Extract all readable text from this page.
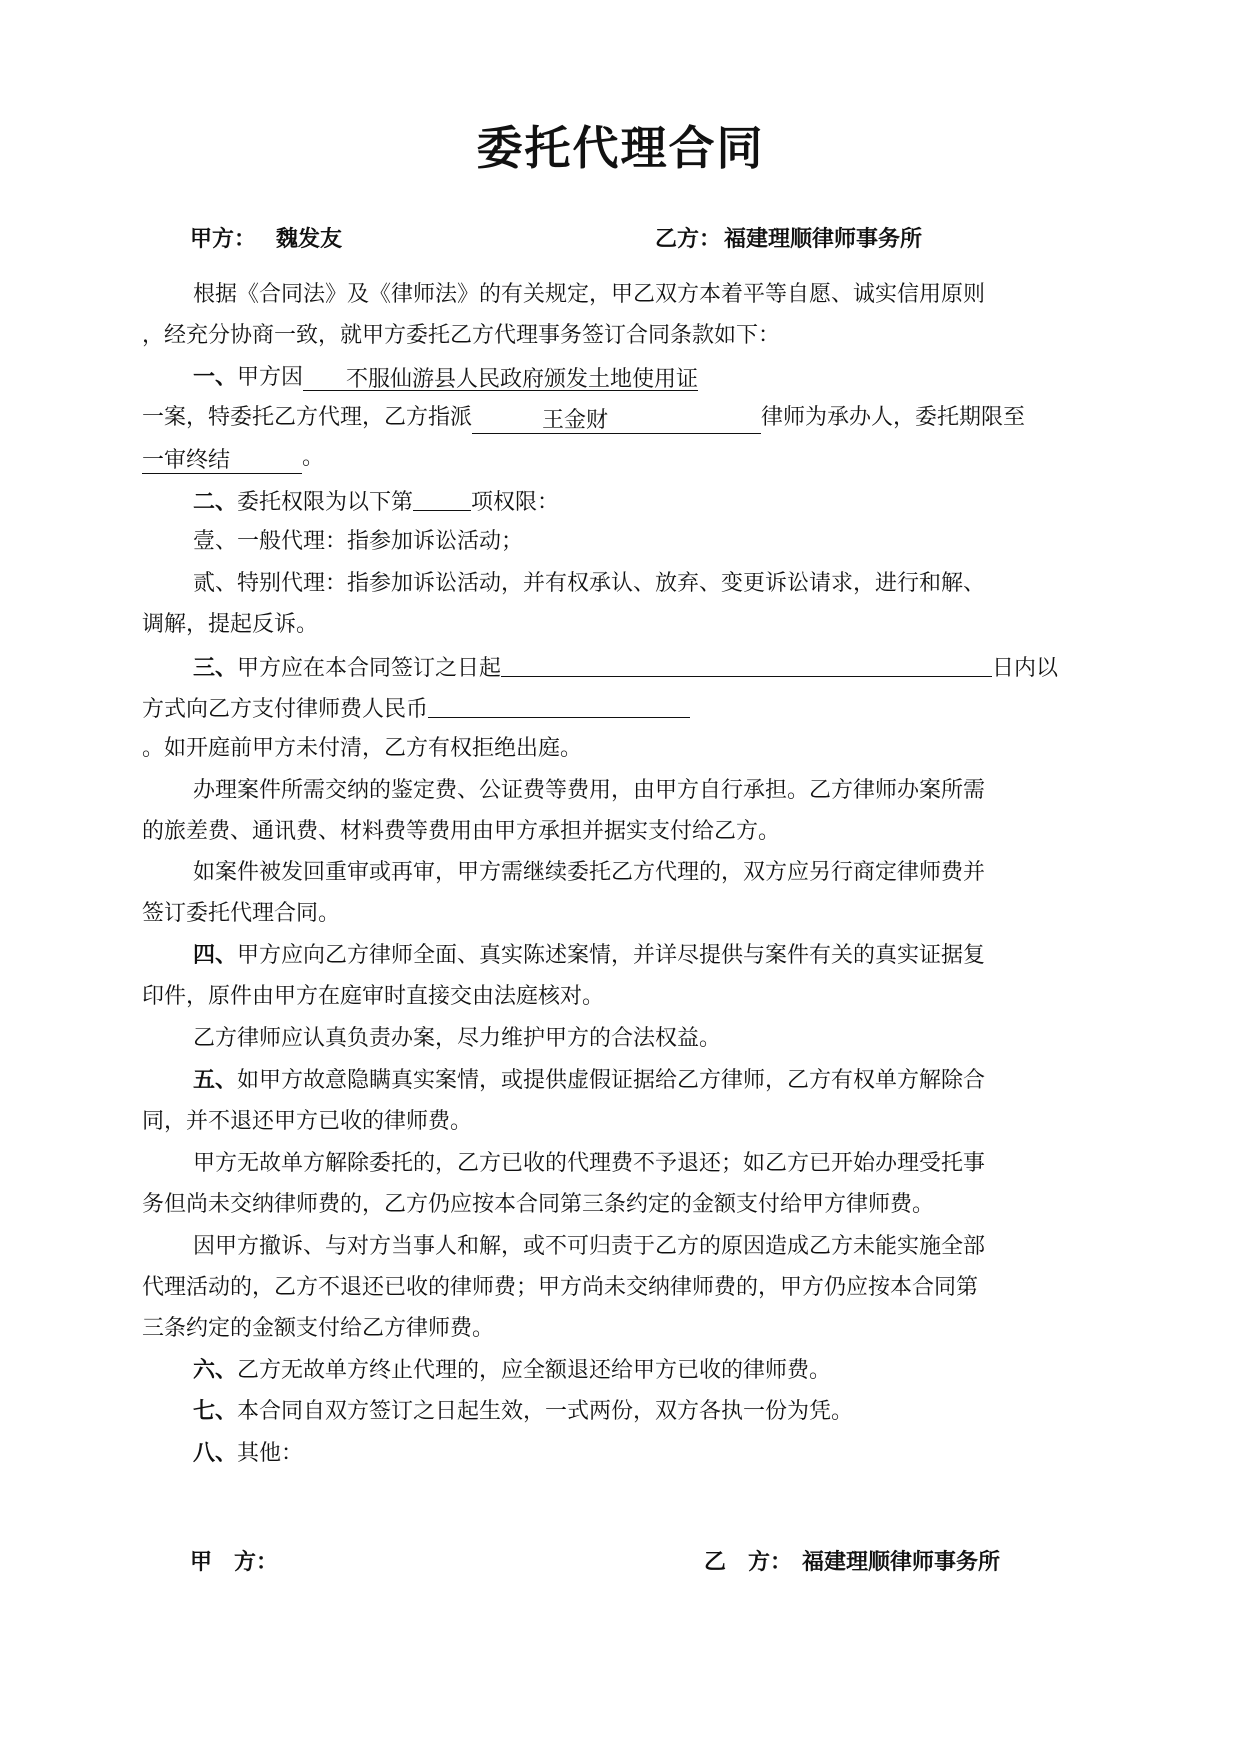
委托代理合同
甲方： 魏发友	乙方： 福建理顺律师事务所
根据《合同法》及《律师法》的有关规定，甲乙双方本着平等自愿、诚实信用原则
，经充分协商一致，就甲方委托乙方代理事务签订合同条款如下：
一、甲方因 不服仙游县人民政府颁发土地使用证
一案，特委托乙方代理，乙方指派	王金财	律师为承办人，委托期限至
一审终结	。
二、委托权限为以下第	项权限：
壹、一般代理：指参加诉讼活动；
贰、特别代理：指参加诉讼活动，并有权承认、放弃、变更诉讼请求，进行和解、
调解，提起反诉。
三、甲方应在本合同签订之日起	日内以
方式向乙方支付律师费人民币
。如开庭前甲方未付清，乙方有权拒绝出庭。
办理案件所需交纳的鉴定费、公证费等费用，由甲方自行承担。乙方律师办案所需
的旅差费、通讯费、材料费等费用由甲方承担并据实支付给乙方。
如案件被发回重审或再审，甲方需继续委托乙方代理的，双方应另行商定律师费并
签订委托代理合同。
四、甲方应向乙方律师全面、真实陈述案情，并详尽提供与案件有关的真实证据复
印件，原件由甲方在庭审时直接交由法庭核对。
乙方律师应认真负责办案，尽力维护甲方的合法权益。
五、如甲方故意隐瞒真实案情，或提供虚假证据给乙方律师，乙方有权单方解除合
同，并不退还甲方已收的律师费。
甲方无故单方解除委托的，乙方已收的代理费不予退还；如乙方已开始办理受托事
务但尚未交纳律师费的，乙方仍应按本合同第三条约定的金额支付给甲方律师费。
因甲方撤诉、与对方当事人和解，或不可归责于乙方的原因造成乙方未能实施全部
代理活动的，乙方不退还已收的律师费；甲方尚未交纳律师费的，甲方仍应按本合同第
三条约定的金额支付给乙方律师费。
六、乙方无故单方终止代理的，应全额退还给甲方已收的律师费。
七、本合同自双方签订之日起生效，一式两份，双方各执一份为凭。
八、其他：
甲　方：	乙　方： 福建理顺律师事务所
